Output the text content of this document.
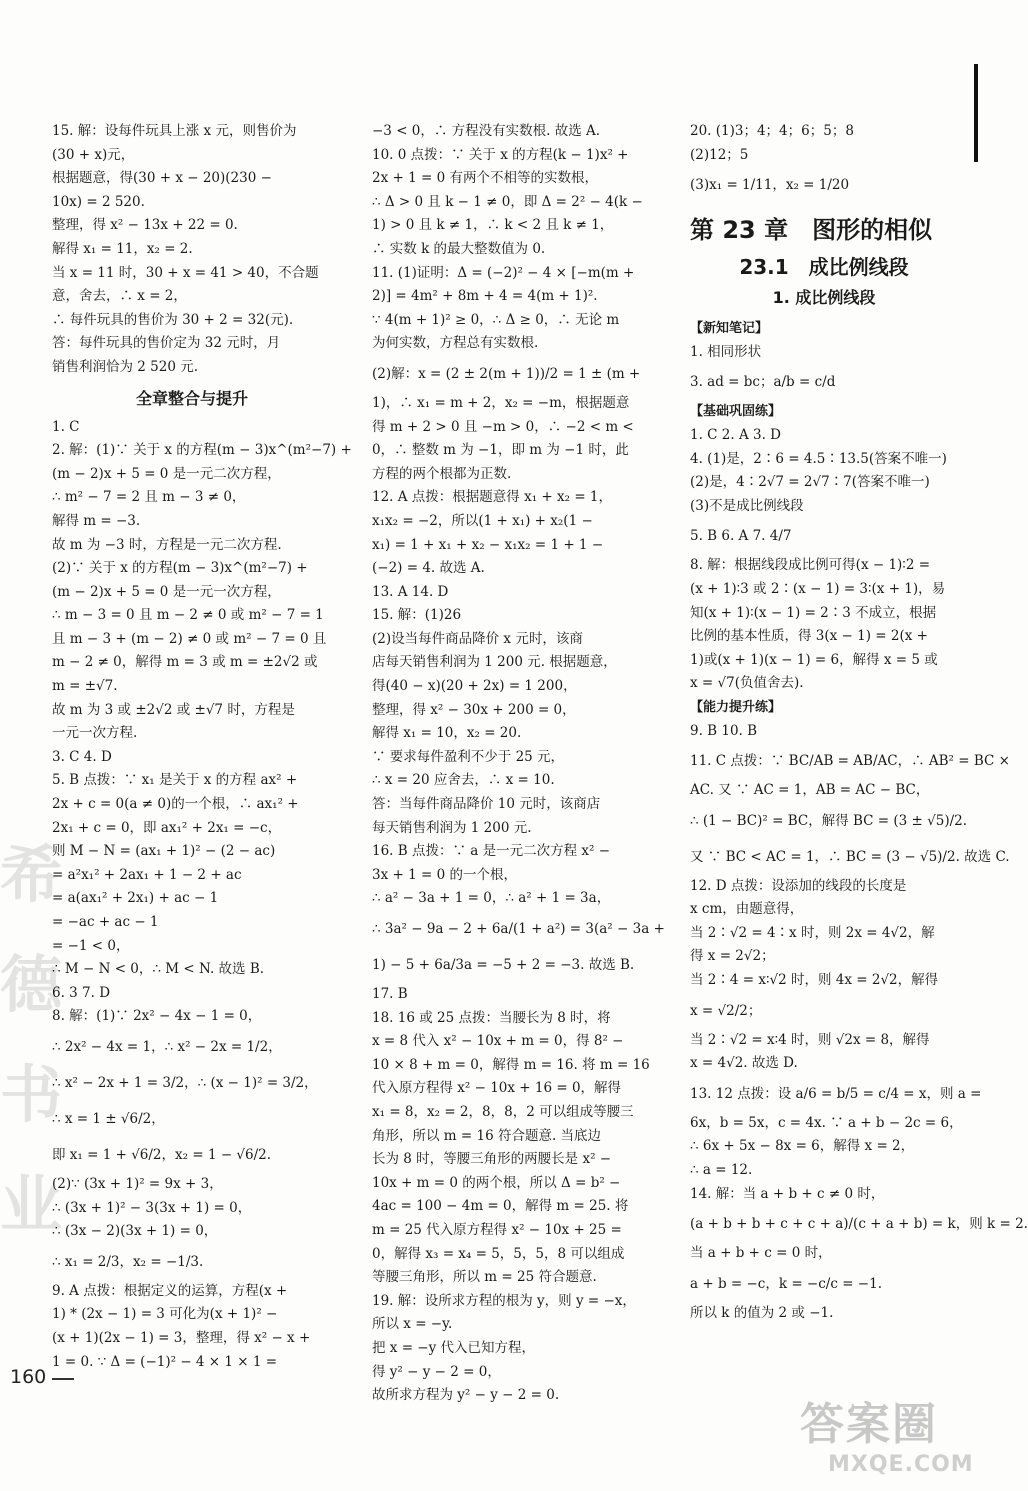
希
德
书
业
15. 解：设每件玩具上涨 x 元，则售价为
(30 + x)元，
根据题意，得(30 + x − 20)(230 −
10x) = 2 520.
整理，得 x² − 13x + 22 = 0.
解得 x₁ = 11，x₂ = 2.
当 x = 11 时，30 + x = 41 > 40，不合题
意，舍去，∴ x = 2，
∴ 每件玩具的售价为 30 + 2 = 32(元).
答：每件玩具的售价定为 32 元时，月
销售利润恰为 2 520 元.
全章整合与提升
1. C
2. 解：(1)∵ 关于 x 的方程(m − 3)x^(m²−7) +
(m − 2)x + 5 = 0 是一元二次方程，
∴ m² − 7 = 2 且 m − 3 ≠ 0，
解得 m = −3.
故 m 为 −3 时，方程是一元二次方程.
(2)∵ 关于 x 的方程(m − 3)x^(m²−7) +
(m − 2)x + 5 = 0 是一元一次方程，
∴ m − 3 = 0 且 m − 2 ≠ 0 或 m² − 7 = 1
且 m − 3 + (m − 2) ≠ 0 或 m² − 7 = 0 且
m − 2 ≠ 0，解得 m = 3 或 m = ±2√2 或
m = ±√7.
故 m 为 3 或 ±2√2 或 ±√7 时，方程是
一元一次方程.
3. C 4. D
5. B 点拨：∵ x₁ 是关于 x 的方程 ax² +
2x + c = 0(a ≠ 0)的一个根，∴ ax₁² +
2x₁ + c = 0，即 ax₁² + 2x₁ = −c，
则 M − N = (ax₁ + 1)² − (2 − ac)
= a²x₁² + 2ax₁ + 1 − 2 + ac
= a(ax₁² + 2x₁) + ac − 1
= −ac + ac − 1
= −1 < 0，
∴ M − N < 0，∴ M < N. 故选 B.
6. 3 7. D
8. 解：(1)∵ 2x² − 4x − 1 = 0，
∴ 2x² − 4x = 1，∴ x² − 2x = 1/2，
∴ x² − 2x + 1 = 3/2，∴ (x − 1)² = 3/2，
∴ x = 1 ± √6/2，
即 x₁ = 1 + √6/2，x₂ = 1 − √6/2.
(2)∵ (3x + 1)² = 9x + 3，
∴ (3x + 1)² − 3(3x + 1) = 0，
∴ (3x − 2)(3x + 1) = 0，
∴ x₁ = 2/3，x₂ = −1/3.
9. A 点拨：根据定义的运算，方程(x +
1) * (2x − 1) = 3 可化为(x + 1)² −
(x + 1)(2x − 1) = 3，整理，得 x² − x +
1 = 0. ∵ Δ = (−1)² − 4 × 1 × 1 =
−3 < 0，∴ 方程没有实数根. 故选 A.
10. 0 点拨：∵ 关于 x 的方程(k − 1)x² +
2x + 1 = 0 有两个不相等的实数根，
∴ Δ > 0 且 k − 1 ≠ 0，即 Δ = 2² − 4(k −
1) > 0 且 k ≠ 1，∴ k < 2 且 k ≠ 1，
∴ 实数 k 的最大整数值为 0.
11. (1)证明：Δ = (−2)² − 4 × [−m(m +
2)] = 4m² + 8m + 4 = 4(m + 1)².
∵ 4(m + 1)² ≥ 0，∴ Δ ≥ 0，∴ 无论 m
为何实数，方程总有实数根.
(2)解：x = (2 ± 2(m + 1))/2 = 1 ± (m +
1)，∴ x₁ = m + 2，x₂ = −m，根据题意
得 m + 2 > 0 且 −m > 0，∴ −2 < m <
0，∴ 整数 m 为 −1，即 m 为 −1 时，此
方程的两个根都为正数.
12. A 点拨：根据题意得 x₁ + x₂ = 1，
x₁x₂ = −2，所以(1 + x₁) + x₂(1 −
x₁) = 1 + x₁ + x₂ − x₁x₂ = 1 + 1 −
(−2) = 4. 故选 A.
13. A 14. D
15. 解：(1)26
(2)设当每件商品降价 x 元时，该商
店每天销售利润为 1 200 元. 根据题意，
得(40 − x)(20 + 2x) = 1 200，
整理，得 x² − 30x + 200 = 0，
解得 x₁ = 10，x₂ = 20.
∵ 要求每件盈利不少于 25 元，
∴ x = 20 应舍去，∴ x = 10.
答：当每件商品降价 10 元时，该商店
每天销售利润为 1 200 元.
16. B 点拨：∵ a 是一元二次方程 x² −
3x + 1 = 0 的一个根，
∴ a² − 3a + 1 = 0，∴ a² + 1 = 3a，
∴ 3a² − 9a − 2 + 6a/(1 + a²) = 3(a² − 3a +
1) − 5 + 6a/3a = −5 + 2 = −3. 故选 B.
17. B
18. 16 或 25 点拨：当腰长为 8 时，将
x = 8 代入 x² − 10x + m = 0，得 8² −
10 × 8 + m = 0，解得 m = 16. 将 m = 16
代入原方程得 x² − 10x + 16 = 0，解得
x₁ = 8，x₂ = 2，8，8，2 可以组成等腰三
角形，所以 m = 16 符合题意. 当底边
长为 8 时，等腰三角形的两腰长是 x² −
10x + m = 0 的两个根，所以 Δ = b² −
4ac = 100 − 4m = 0，解得 m = 25. 将
m = 25 代入原方程得 x² − 10x + 25 =
0，解得 x₃ = x₄ = 5，5，5，8 可以组成
等腰三角形，所以 m = 25 符合题意.
19. 解：设所求方程的根为 y，则 y = −x，
所以 x = −y.
把 x = −y 代入已知方程，
得 y² − y − 2 = 0，
故所求方程为 y² − y − 2 = 0.
20. (1)3；4；4；6；5；8
(2)12；5
(3)x₁ = 1/11，x₂ = 1/20
第 23 章　图形的相似
23.1　成比例线段
1. 成比例线段
【新知笔记】
1. 相同形状
3. ad = bc；a/b = c/d
【基础巩固练】
1. C 2. A 3. D
4. (1)是，2∶6 = 4.5∶13.5(答案不唯一)
(2)是，4∶2√7 = 2√7∶7(答案不唯一)
(3)不是成比例线段
5. B 6. A 7. 4/7
8. 解：根据线段成比例可得(x − 1)∶2 =
(x + 1)∶3 或 2∶(x − 1) = 3∶(x + 1)，易
知(x + 1)∶(x − 1) = 2∶3 不成立，根据
比例的基本性质，得 3(x − 1) = 2(x +
1)或(x + 1)(x − 1) = 6，解得 x = 5 或
x = √7(负值舍去).
【能力提升练】
9. B 10. B
11. C 点拨：∵ BC/AB = AB/AC，∴ AB² = BC ×
AC. 又 ∵ AC = 1，AB = AC − BC，
∴ (1 − BC)² = BC，解得 BC = (3 ± √5)/2.
又 ∵ BC < AC = 1，∴ BC = (3 − √5)/2. 故选 C.
12. D 点拨：设添加的线段的长度是
x cm，由题意得，
当 2∶√2 = 4∶x 时，则 2x = 4√2，解
得 x = 2√2；
当 2∶4 = x∶√2 时，则 4x = 2√2，解得
x = √2/2；
当 2∶√2 = x∶4 时，则 √2x = 8，解得
x = 4√2. 故选 D.
13. 12 点拨：设 a/6 = b/5 = c/4 = x，则 a =
6x，b = 5x，c = 4x. ∵ a + b − 2c = 6，
∴ 6x + 5x − 8x = 6，解得 x = 2，
∴ a = 12.
14. 解：当 a + b + c ≠ 0 时，
(a + b + b + c + c + a)/(c + a + b) = k，则 k = 2.
当 a + b + c = 0 时，
a + b = −c，k = −c/c = −1.
所以 k 的值为 2 或 −1.
160
答案圈
MXQE.COM
